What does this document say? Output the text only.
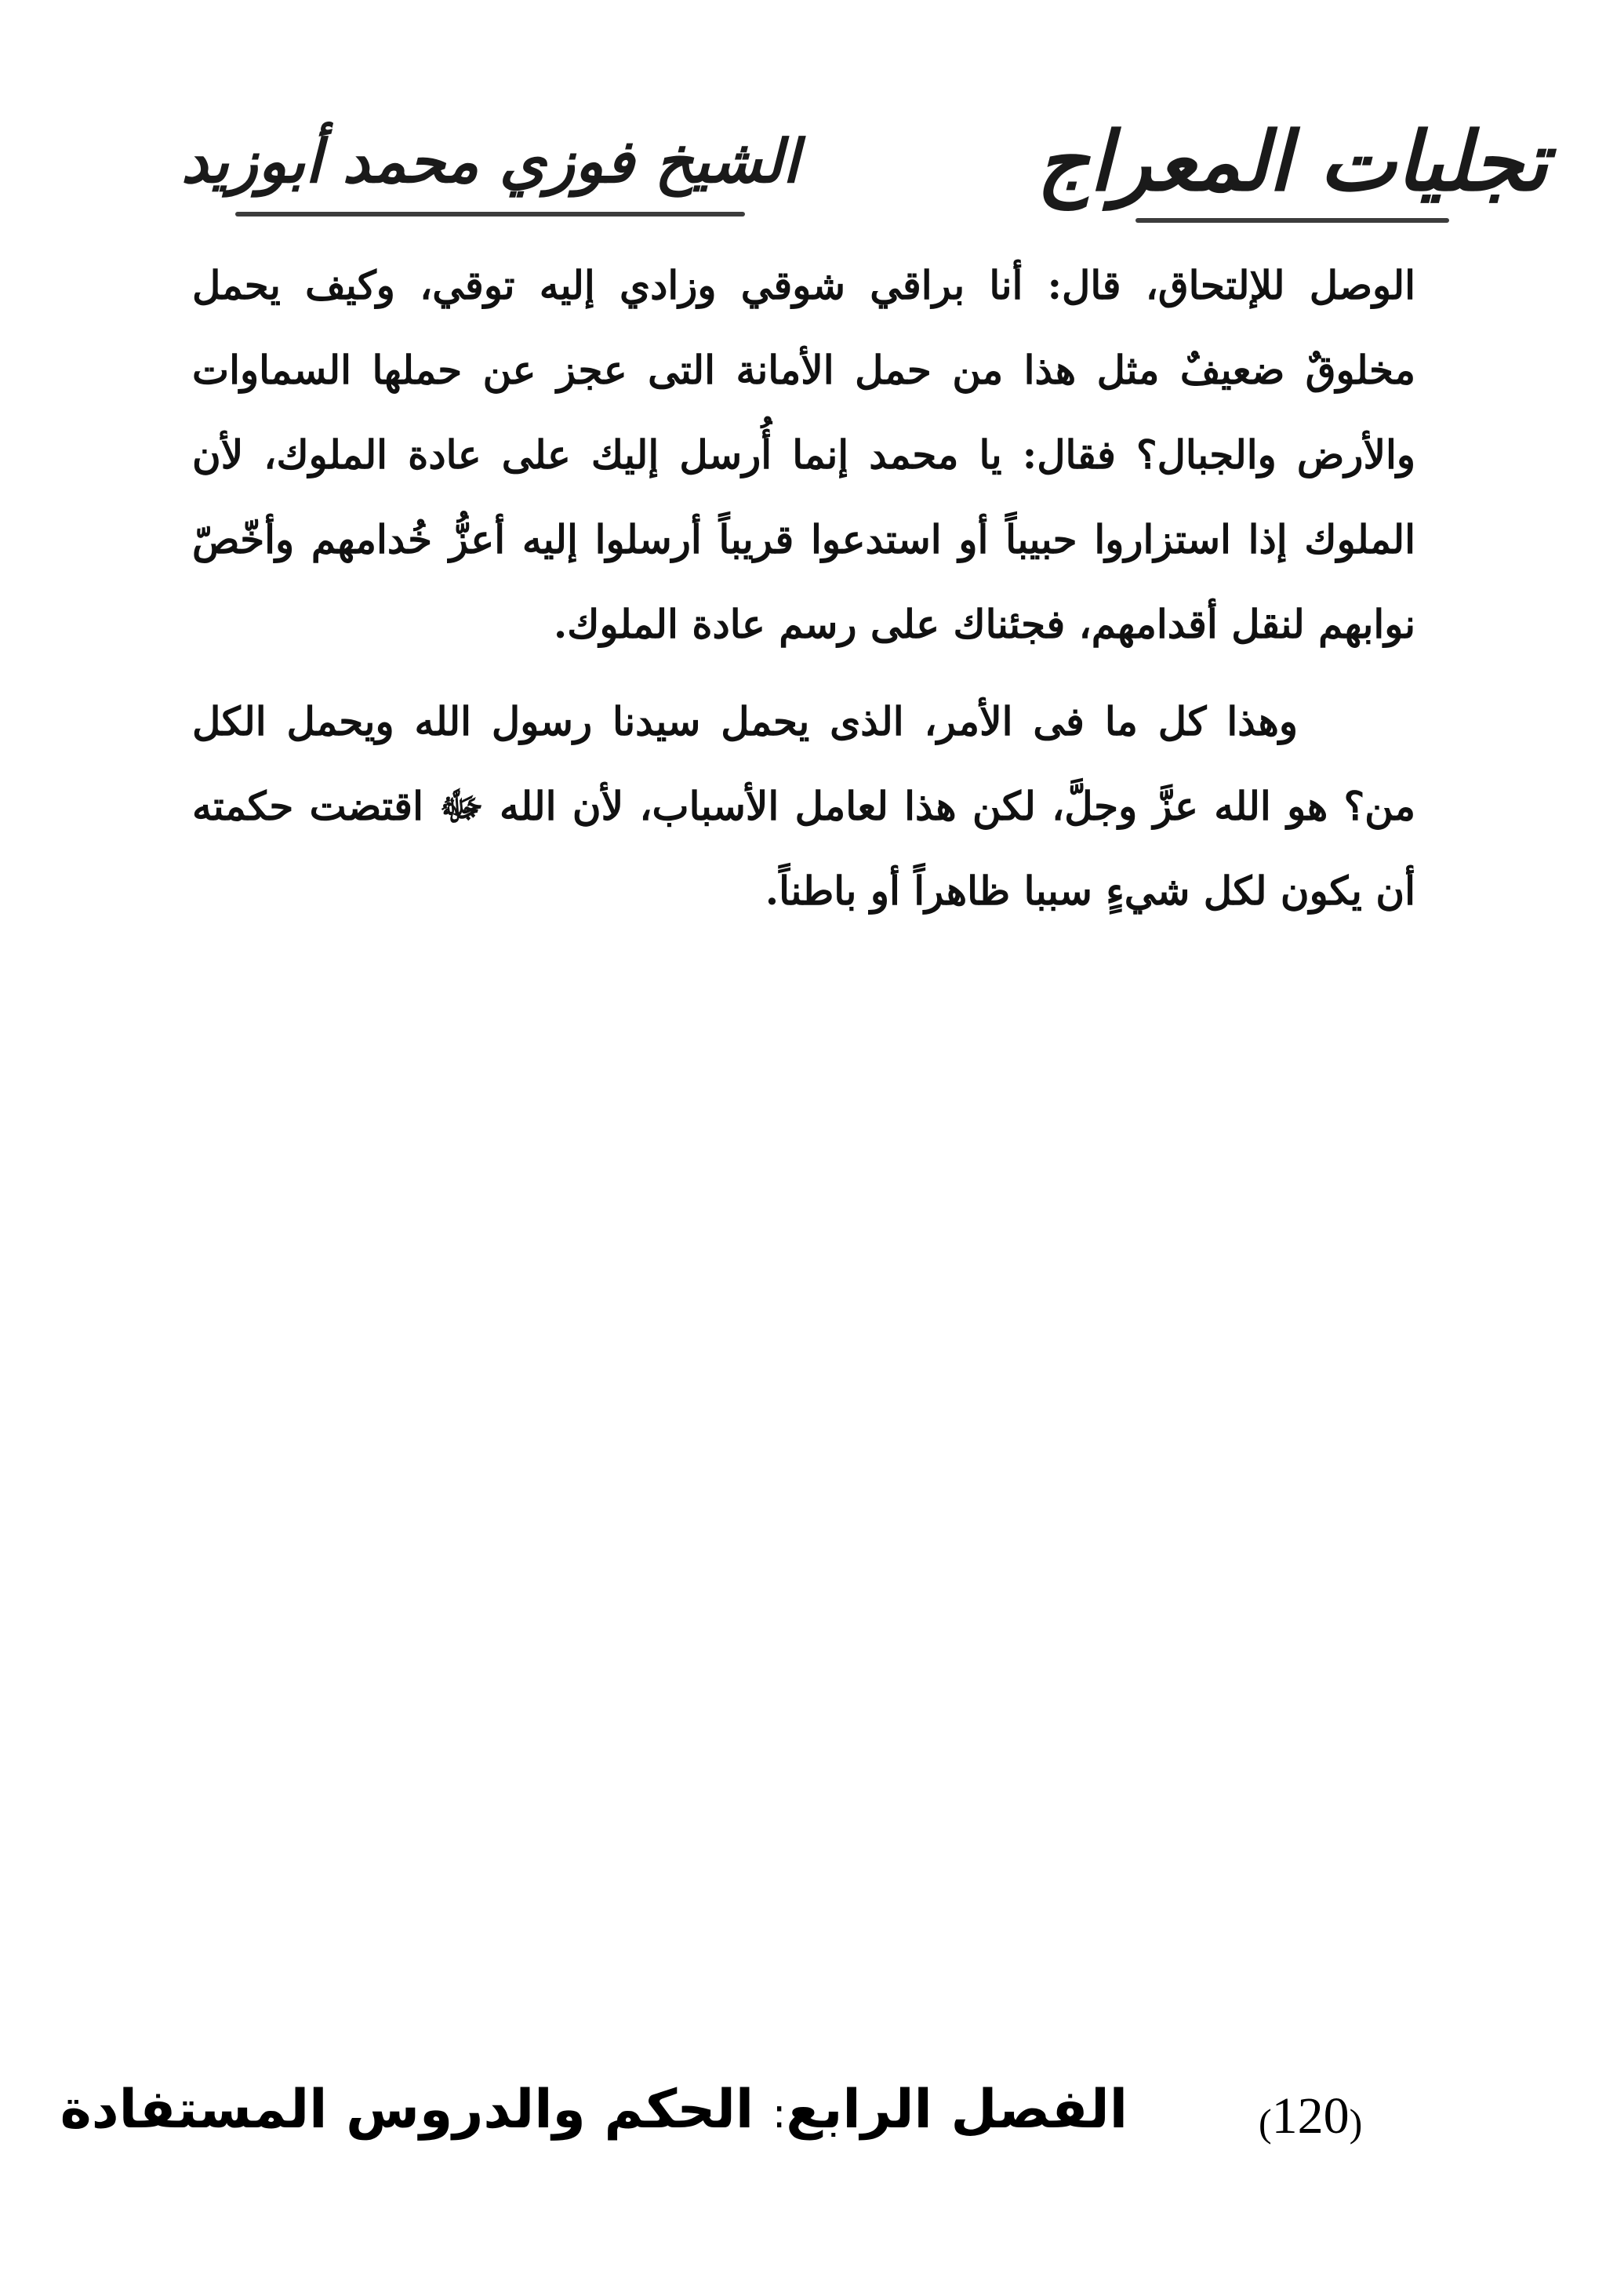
تجليات المعراج
الشيخ فوزي محمد أبوزيد

الوصل للإلتحاق، قال: أنا براقي شوقي وزادي إليه توقي، وكيف يحمل مخلوقٌ ضعيفٌ مثل هذا من حمل الأمانة التى عجز عن حملها السماوات والأرض والجبال؟ فقال: يا محمد إنما أُرسل إليك على عادة الملوك، لأن الملوك إذا استزاروا حبيباً أو استدعوا قريباً أرسلوا إليه أعزُّ خُدامهم وأخّصّ نوابهم لنقل أقدامهم، فجئناك على رسم عادة الملوك.

وهذا كل ما فى الأمر، الذى يحمل سيدنا رسول الله ويحمل الكل من؟ هو الله عزَّ وجلَّ، لكن هذا لعامل الأسباب، لأن الله ﷻ اقتضت حكمته أن يكون لكل شيءٍ سببا ظاهراً أو باطناً.

الفصل الرابع: الحكم والدروس المستفادة	(120)
